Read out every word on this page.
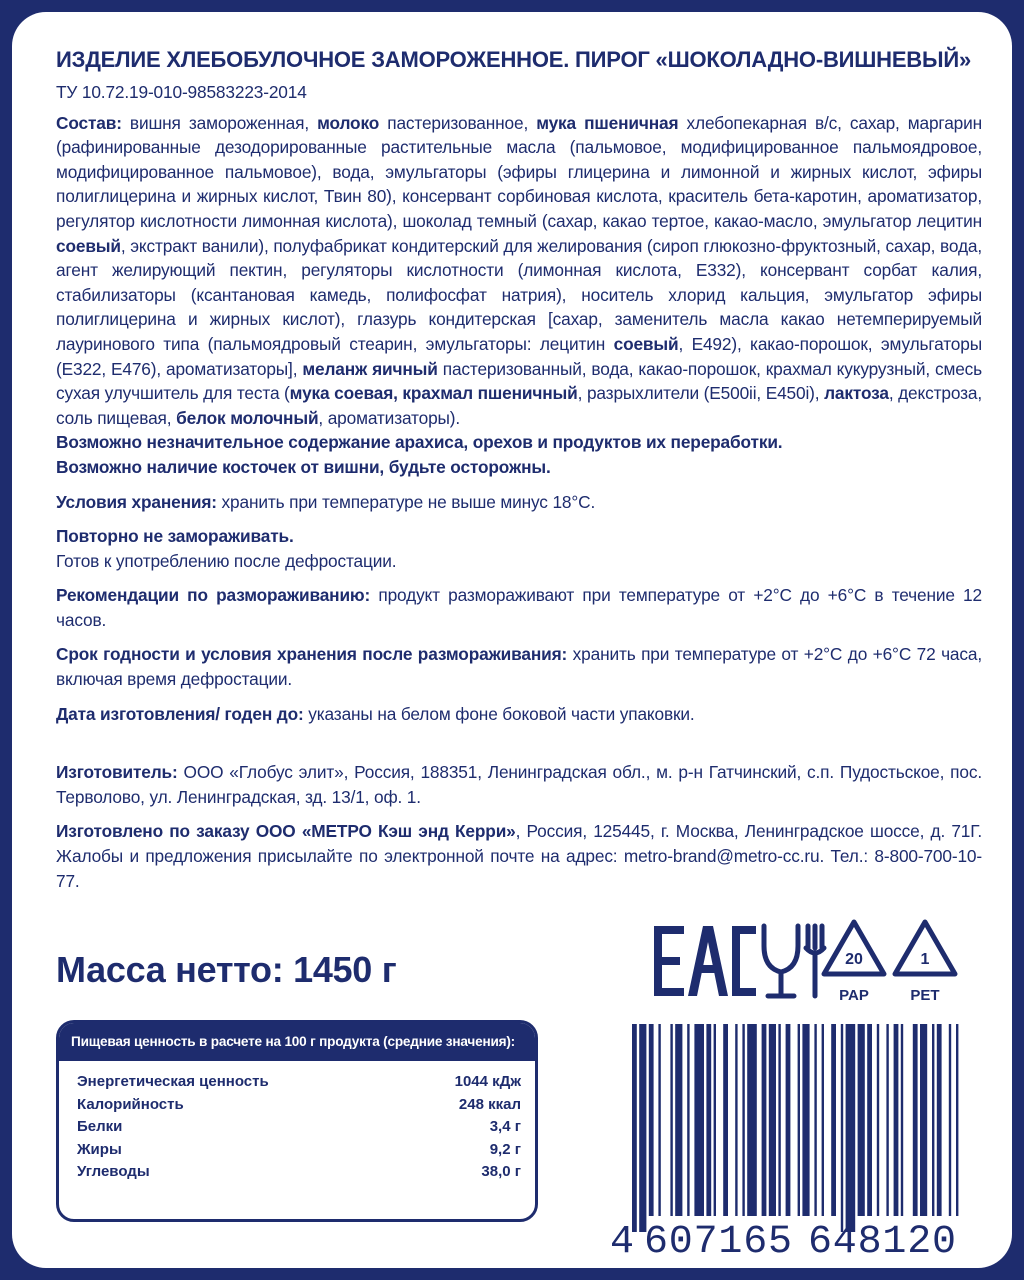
ИЗДЕЛИЕ ХЛЕБОБУЛОЧНОЕ ЗАМОРОЖЕННОЕ. ПИРОГ «ШОКОЛАДНО-ВИШНЕВЫЙ»
ТУ 10.72.19-010-98583223-2014

Состав: вишня замороженная, молоко пастеризованное, мука пшеничная хлебопекарная в/с, сахар, маргарин (рафинированные дезодорированные растительные масла (пальмовое, модифицированное пальмоядровое, модифицированное пальмовое), вода, эмульгаторы (эфиры глицерина и лимонной и жирных кислот, эфиры полиглицерина и жирных кислот, Твин 80), консервант сорбиновая кислота, краситель бета-каротин, ароматизатор, регулятор кислотности лимонная кислота), шоколад темный (сахар, какао тертое, какао-масло, эмульгатор лецитин соевый, экстракт ванили), полуфабрикат кондитерский для желирования (сироп глюкозно-фруктозный, сахар, вода, агент желирующий пектин, регуляторы кислотности (лимонная кислота, Е332), консервант сорбат калия, стабилизаторы (ксантановая камедь, полифосфат натрия), носитель хлорид кальция, эмульгатор эфиры полиглицерина и жирных кислот), глазурь кондитерская [сахар, заменитель масла какао нетемперируемый лауринового типа (пальмоядровый стеарин, эмульгаторы: лецитин соевый, Е492), какао-порошок, эмульгаторы (Е322, Е476), ароматизаторы], меланж яичный пастеризованный, вода, какао-порошок, крахмал кукурузный, смесь сухая улучшитель для теста (мука соевая, крахмал пшеничный, разрыхлители (Е500ii, Е450i), лактоза, декстроза, соль пищевая, белок молочный, ароматизаторы).

Возможно незначительное содержание арахиса, орехов и продуктов их переработки.

Возможно наличие косточек от вишни, будьте осторожны.

Условия хранения: хранить при температуре не выше минус 18°С.

Повторно не замораживать.

Готов к употреблению после дефростации.

Рекомендации по размораживанию: продукт размораживают при температуре от +2°С до +6°С в течение 12 часов.

Срок годности и условия хранения после размораживания: хранить при температуре от +2°С до +6°С 72 часа, включая время дефростации.

Дата изготовления/ годен до: указаны на белом фоне боковой части упаковки.

Изготовитель: ООО «Глобус элит», Россия, 188351, Ленинградская обл., м. р-н Гатчинский, с.п. Пудостьское, пос. Терволово, ул. Ленинградская, зд. 13/1, оф. 1.

Изготовлено по заказу ООО «МЕТРО Кэш энд Керри», Россия, 125445, г. Москва, Ленинградское шоссе, д. 71Г. Жалобы и предложения присылайте по электронной почте на адрес: metro-brand@metro-cc.ru. Тел.: 8-800-700-10-77.

Масса нетто: 1450 г
Пищевая ценность в расчете на 100 г продукта (средние значения):
Энергетическая ценность	1044 кДж
Калорийность	248 ккал
Белки	3,4 г
Жиры	9,2 г
Углеводы	38,0 г
20
PAP
1
PET
4 607165 648120
